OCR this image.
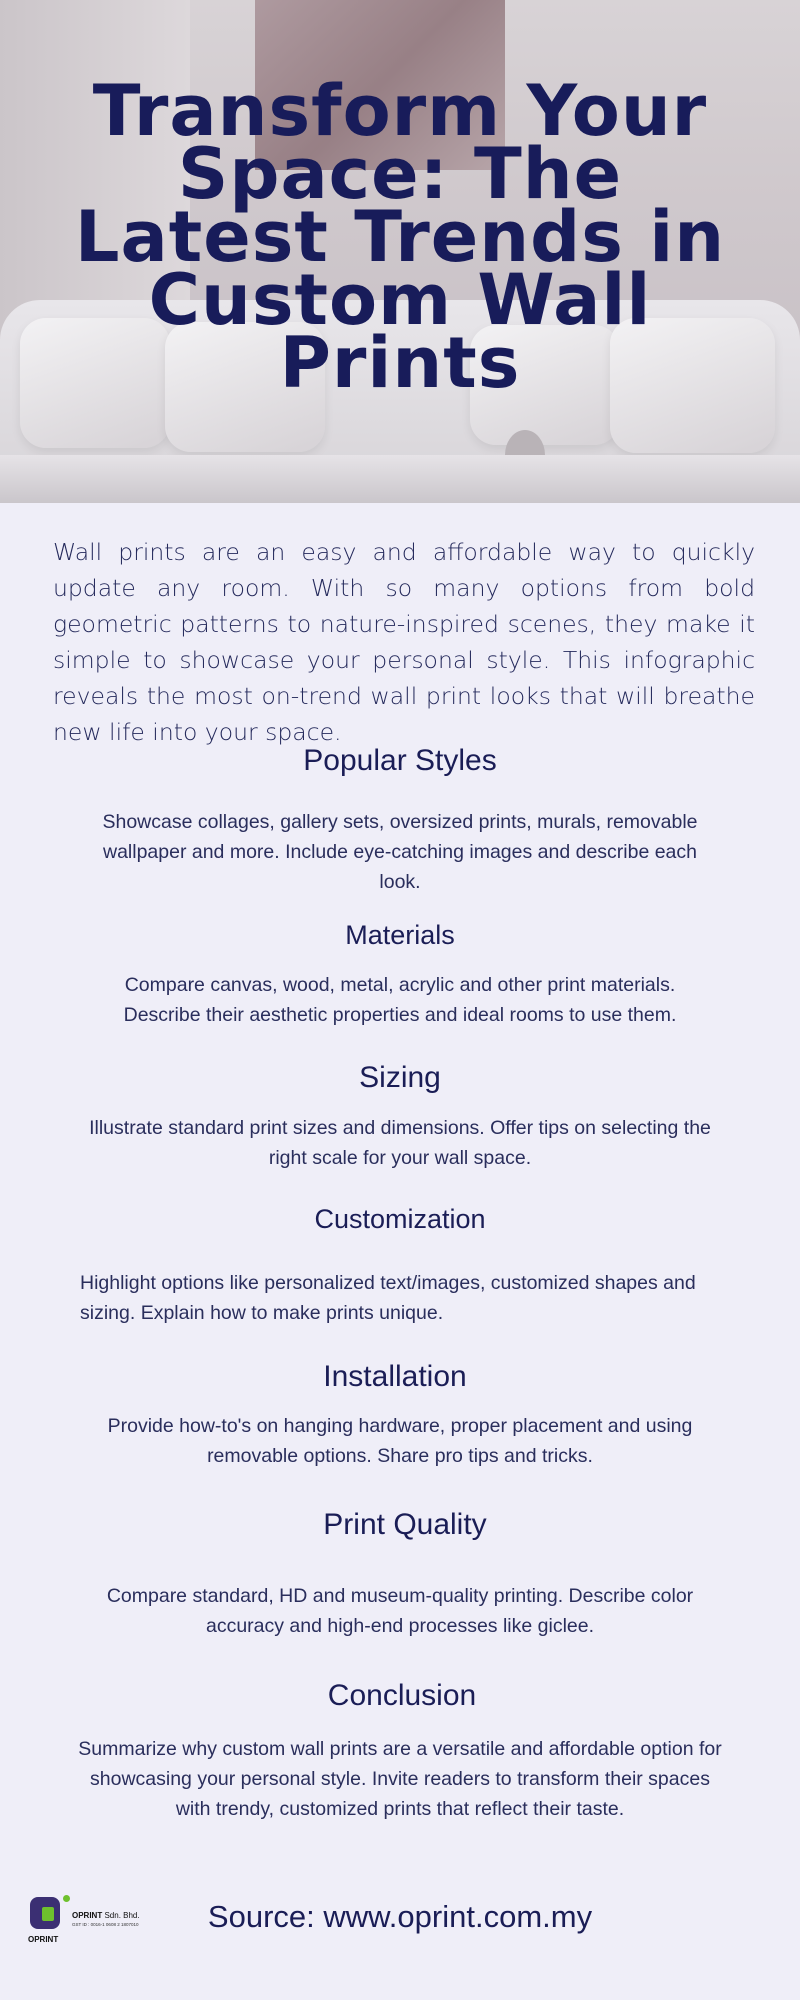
Transform Your Space: The Latest Trends in Custom Wall Prints

Wall prints are an easy and affordable way to quickly update any room. With so many options from bold geometric patterns to nature-inspired scenes, they make it simple to showcase your personal style. This infographic reveals the most on-trend wall print looks that will breathe new life into your space.

Popular Styles

Showcase collages, gallery sets, oversized prints, murals, removable wallpaper and more. Include eye-catching images and describe each look.

Materials

Compare canvas, wood, metal, acrylic and other print materials. Describe their aesthetic properties and ideal rooms to use them.

Sizing

Illustrate standard print sizes and dimensions. Offer tips on selecting the right scale for your wall space.

Customization

Highlight options like personalized text/images, customized shapes and sizing. Explain how to make prints unique.

Installation

Provide how-to's on hanging hardware, proper placement and using removable options. Share pro tips and tricks.

Print Quality

Compare standard, HD and museum-quality printing. Describe color accuracy and high-end processes like giclee.

Conclusion

Summarize why custom wall prints are a versatile and affordable option for showcasing your personal style. Invite readers to transform their spaces with trendy, customized prints that reflect their taste.

OPRINT Sdn. Bhd.
GST ID : 0016-1 0608 2 1807010
OPRINT

Source: www.oprint.com.my
